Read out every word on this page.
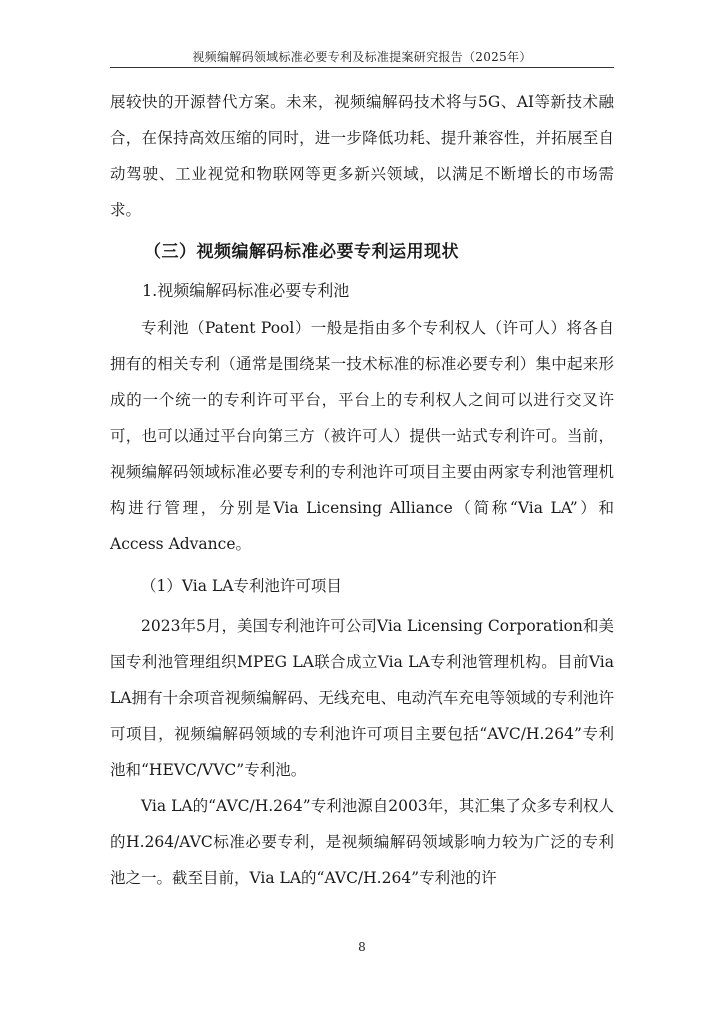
视频编解码领域标准必要专利及标准提案研究报告（2025年）

展较快的开源替代方案。未来，视频编解码技术将与5G、AI等新技术融合，在保持高效压缩的同时，进一步降低功耗、提升兼容性，并拓展至自动驾驶、工业视觉和物联网等更多新兴领域，以满足不断增长的市场需求。

（三）视频编解码标准必要专利运用现状
1.视频编解码标准必要专利池

专利池（Patent Pool）一般是指由多个专利权人（许可人）将各自拥有的相关专利（通常是围绕某一技术标准的标准必要专利）集中起来形成的一个统一的专利许可平台，平台上的专利权人之间可以进行交叉许可，也可以通过平台向第三方（被许可人）提供一站式专利许可。当前，视频编解码领域标准必要专利的专利池许可项目主要由两家专利池管理机构进行管理，分别是Via Licensing Alliance（简称“Via LA”）和Access Advance。

（1）Via LA专利池许可项目

2023年5月，美国专利池许可公司Via Licensing Corporation和美国专利池管理组织MPEG LA联合成立Via LA专利池管理机构。目前Via LA拥有十余项音视频编解码、无线充电、电动汽车充电等领域的专利池许可项目，视频编解码领域的专利池许可项目主要包括“AVC/H.264”专利池和“HEVC/VVC”专利池。

Via LA的“AVC/H.264”专利池源自2003年，其汇集了众多专利权人的H.264/AVC标准必要专利，是视频编解码领域影响力较为广泛的专利池之一。截至目前，Via LA的“AVC/H.264”专利池的许

8
